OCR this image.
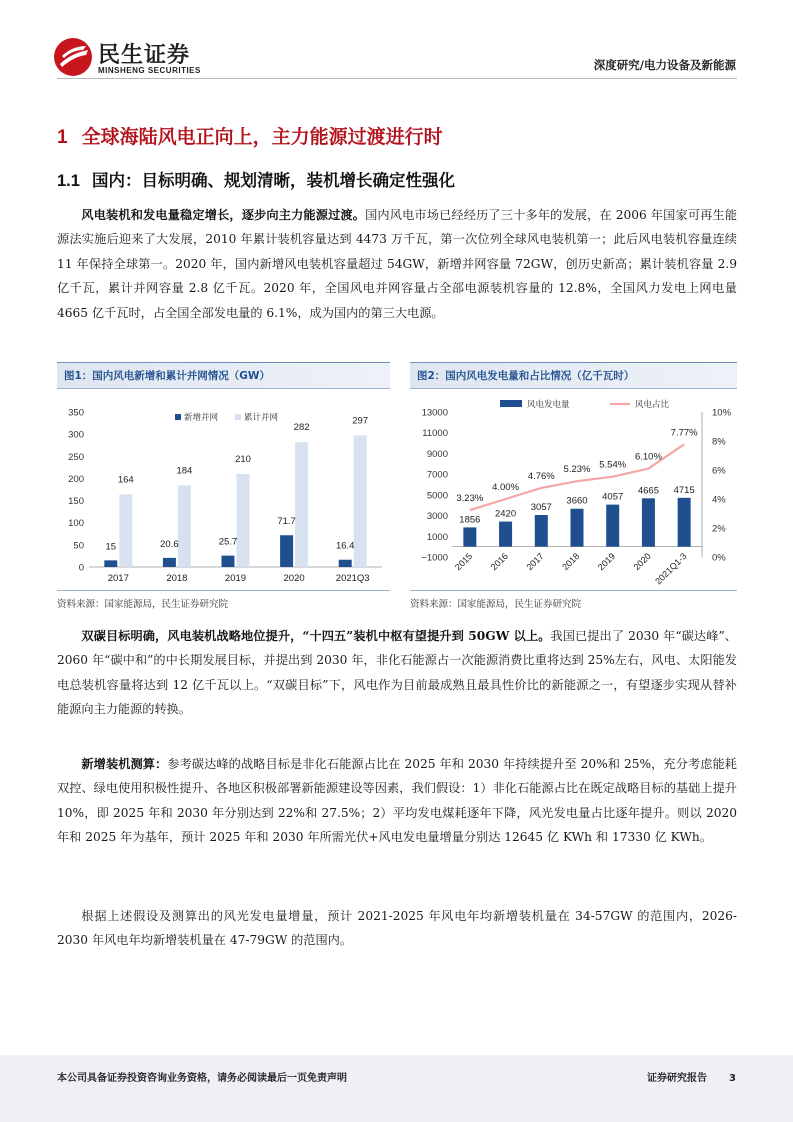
民生证券
MINSHENG SECURITIES	深度研究/电力设备及新能源
1 全球海陆风电正向上，主力能源过渡进行时
1.1 国内：目标明确、规划清晰，装机增长确定性强化

风电装机和发电量稳定增长，逐步向主力能源过渡。国内风电市场已经经历了三十多年的发展，在 2006 年国家可再生能源法实施后迎来了大发展，2010 年累计装机容量达到 4473 万千瓦，第一次位列全球风电装机第一；此后风电装机容量连续 11 年保持全球第一。2020 年，国内新增风电装机容量超过 54GW，新增并网容量 72GW，创历史新高；累计装机容量 2.9 亿千瓦，累计并网容量 2.8 亿千瓦。2020 年，全国风电并网容量占全部电源装机容量的 12.8%，全国风力发电上网电量 4665 亿千瓦时，占全国全部发电量的 6.1%，成为国内的第三大电源。

图1：国内风电新增和累计并网情况（GW）
0
50
100
150
200
250
300
350
15
164
2017
20.6
184
2018
25.7
210
2019
71.7
282
2020
16.4
297
2021Q3
新增并网	累计并网
资料来源：国家能源局，民生证券研究院
图2：国内风电发电量和占比情况（亿千瓦时）
−1000
1000
3000
5000
7000
9000
11000
13000
0%
2%
4%
6%
8%
10%
1856
2015
2420
2016
3057
2017
3660
2018
4057
2019
4665
2020
4715
2021Q1-3
3.23%
4.00%
4.76%
5.23% 5.54%
6.10%
7.77%
风电发电量	风电占比
资料来源：国家能源局，民生证券研究院

双碳目标明确，风电装机战略地位提升，“十四五”装机中枢有望提升到 50GW 以上。我国已提出了 2030 年“碳达峰”、2060 年“碳中和”的中长期发展目标，并提出到 2030 年，非化石能源占一次能源消费比重将达到 25%左右，风电、太阳能发电总装机容量将达到 12 亿千瓦以上。“双碳目标”下，风电作为目前最成熟且最具性价比的新能源之一，有望逐步实现从替补能源向主力能源的转换。

新增装机测算：参考碳达峰的战略目标是非化石能源占比在 2025 年和 2030 年持续提升至 20%和 25%，充分考虑能耗双控、绿电使用积极性提升、各地区积极部署新能源建设等因素，我们假设：1）非化石能源占比在既定战略目标的基础上提升 10%，即 2025 年和 2030 年分别达到 22%和 27.5%；2）平均发电煤耗逐年下降，风光发电量占比逐年提升。则以 2020 年和 2025 年为基年，预计 2025 年和 2030 年所需光伏+风电发电量增量分别达 12645 亿 KWh 和 17330 亿 KWh。

根据上述假设及测算出的风光发电量增量，预计 2021-2025 年风电年均新增装机量在 34-57GW 的范围内，2026-2030 年风电年均新增装机量在 47-79GW 的范围内。

本公司具备证券投资咨询业务资格，请务必阅读最后一页免责声明	证券研究报告 3
